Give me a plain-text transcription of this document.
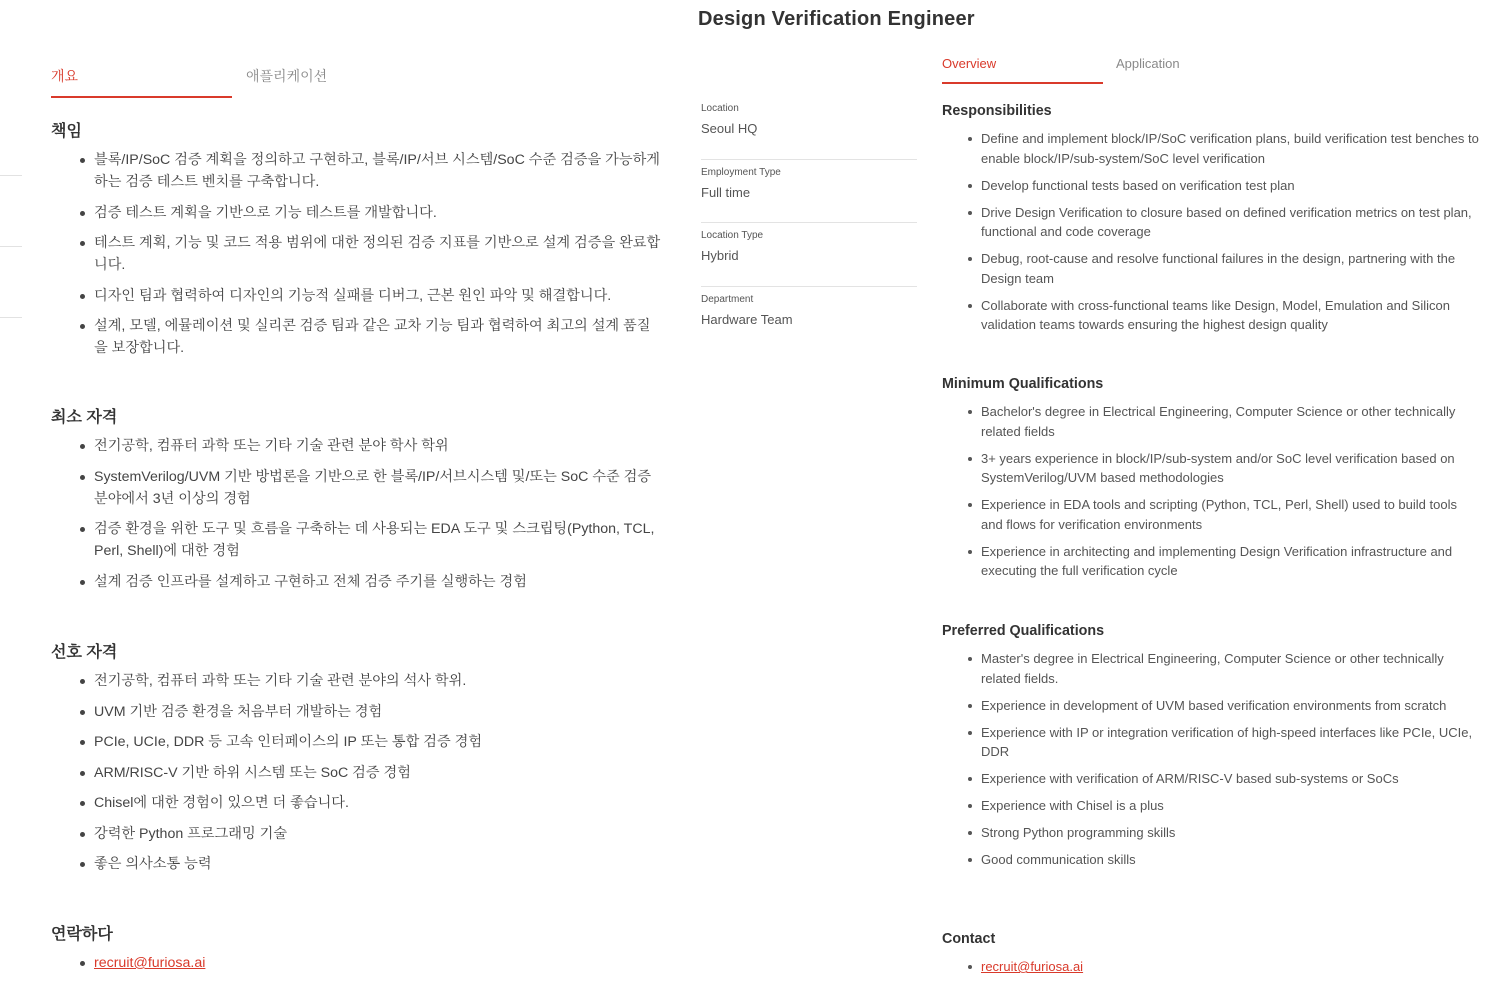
Design Verification Engineer
개요	애플리케이션
책임
블록/IP/SoC 검증 계획을 정의하고 구현하고, 블록/IP/서브 시스템/SoC 수준 검증을 가능하게 하는 검증 테스트 벤치를 구축합니다.
검증 테스트 계획을 기반으로 기능 테스트를 개발합니다.
테스트 계획, 기능 및 코드 적용 범위에 대한 정의된 검증 지표를 기반으로 설계 검증을 완료합니다.
디자인 팀과 협력하여 디자인의 기능적 실패를 디버그, 근본 원인 파악 및 해결합니다.
설계, 모델, 에뮬레이션 및 실리콘 검증 팀과 같은 교차 기능 팀과 협력하여 최고의 설계 품질을 보장합니다.
최소 자격
전기공학, 컴퓨터 과학 또는 기타 기술 관련 분야 학사 학위
SystemVerilog/UVM 기반 방법론을 기반으로 한 블록/IP/서브시스템 및/또는 SoC 수준 검증 분야에서 3년 이상의 경험
검증 환경을 위한 도구 및 흐름을 구축하는 데 사용되는 EDA 도구 및 스크립팅(Python, TCL, Perl, Shell)에 대한 경험
설계 검증 인프라를 설계하고 구현하고 전체 검증 주기를 실행하는 경험
선호 자격
전기공학, 컴퓨터 과학 또는 기타 기술 관련 분야의 석사 학위.
UVM 기반 검증 환경을 처음부터 개발하는 경험
PCIe, UCIe, DDR 등 고속 인터페이스의 IP 또는 통합 검증 경험
ARM/RISC-V 기반 하위 시스템 또는 SoC 검증 경험
Chisel에 대한 경험이 있으면 더 좋습니다.
강력한 Python 프로그래밍 기술
좋은 의사소통 능력
연락하다
recruit@furiosa.ai
Location
Seoul HQ
Employment Type
Full time
Location Type
Hybrid
Department
Hardware Team
Overview	Application
Responsibilities
Define and implement block/IP/SoC verification plans, build verification test benches to enable block/IP/sub-system/SoC level verification
Develop functional tests based on verification test plan
Drive Design Verification to closure based on defined verification metrics on test plan, functional and code coverage
Debug, root-cause and resolve functional failures in the design, partnering with the Design team
Collaborate with cross-functional teams like Design, Model, Emulation and Silicon validation teams towards ensuring the highest design quality
Minimum Qualifications
Bachelor's degree in Electrical Engineering, Computer Science or other technically related fields
3+ years experience in block/IP/sub-system and/or SoC level verification based on SystemVerilog/UVM based methodologies
Experience in EDA tools and scripting (Python, TCL, Perl, Shell) used to build tools and flows for verification environments
Experience in architecting and implementing Design Verification infrastructure and executing the full verification cycle
Preferred Qualifications
Master's degree in Electrical Engineering, Computer Science or other technically related fields.
Experience in development of UVM based verification environments from scratch
Experience with IP or integration verification of high-speed interfaces like PCIe, UCIe, DDR
Experience with verification of ARM/RISC-V based sub-systems or SoCs
Experience with Chisel is a plus
Strong Python programming skills
Good communication skills
Contact
recruit@furiosa.ai
